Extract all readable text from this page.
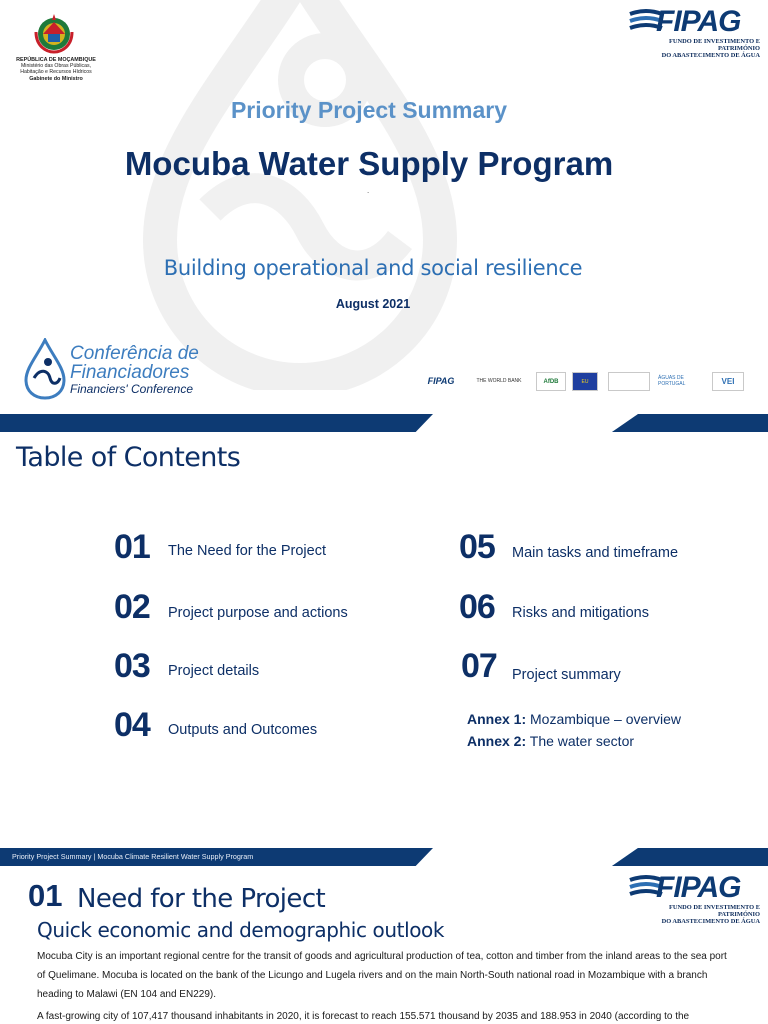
REPÚBLICA DE MOÇAMBIQUE
Ministério das Obras Públicas,
Habitação e Recursos Hídricos
Gabinete do Ministro
FIPAG
FUNDO DE INVESTIMENTO E PATRIMÓNIO
DO ABASTECIMENTO DE ÁGUA
Priority Project Summary
Mocuba Water Supply Program
.
Building operational and social resilience
August 2021
Conferência de
Financiadores
Financiers' Conference
FIPAG	THE WORLD BANK	AfDB	EU
ÁGUAS DE PORTUGAL	VEI
Table of Contents
01 The Need for the Project
02 Project purpose and actions
03 Project details
04 Outputs and Outcomes
05 Main tasks and timeframe
06 Risks and mitigations
07 Project summary
Annex 1: Mozambique – overview
Annex 2: The water sector
Priority Project Summary | Mocuba Climate Resilient Water Supply Program
FIPAG
FUNDO DE INVESTIMENTO E PATRIMÓNIO
DO ABASTECIMENTO DE ÁGUA
01 Need for the Project
Quick economic and demographic outlook
Mocuba City is an important regional centre for the transit of goods and agricultural production of tea, cotton and timber from the inland areas to the sea port of Quelimane. Mocuba is located on the bank of the Licungo and Lugela rivers and on the main North-South national road in Mozambique with a branch heading to Malawi (EN 104 and EN229).
A fast-growing city of 107,417 thousand inhabitants in 2020, it is forecast to reach 155.571 thousand by 2035 and 188.953 in 2040 (according to the
